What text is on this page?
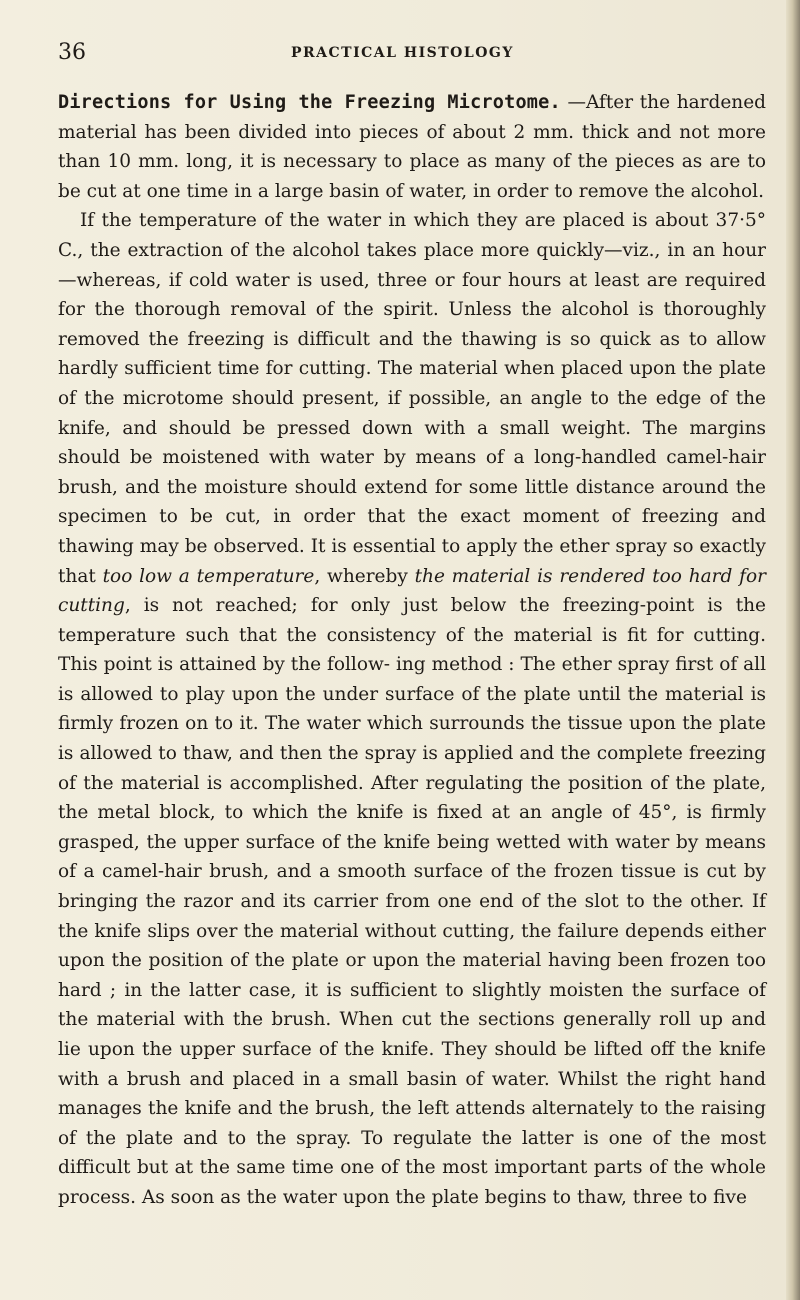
36	PRACTICAL HISTOLOGY

Directions for Using the Freezing Microtome. —After the hardened material has been divided into pieces of about 2 mm. thick and not more than 10 mm. long, it is necessary to place as many of the pieces as are to be cut at one time in a large basin of water, in order to remove the alcohol.

If the temperature of the water in which they are placed is about 37·5° C., the extraction of the alcohol takes place more quickly—viz., in an hour—whereas, if cold water is used, three or four hours at least are required for the thorough removal of the spirit. Unless the alcohol is thoroughly removed the freezing is difficult and the thawing is so quick as to allow hardly sufficient time for cutting. The material when placed upon the plate of the microtome should present, if possible, an angle to the edge of the knife, and should be pressed down with a small weight. The margins should be moistened with water by means of a long-handled camel-hair brush, and the moisture should extend for some little distance around the specimen to be cut, in order that the exact moment of freezing and thawing may be observed. It is essential to apply the ether spray so exactly that too low a temperature, whereby the material is rendered too hard for cutting, is not reached; for only just below the freezing-point is the temperature such that the consistency of the material is fit for cutting. This point is attained by the follow- ing method : The ether spray first of all is allowed to play upon the under surface of the plate until the material is firmly frozen on to it. The water which surrounds the tissue upon the plate is allowed to thaw, and then the spray is applied and the complete freezing of the material is accomplished. After regulating the position of the plate, the metal block, to which the knife is fixed at an angle of 45°, is firmly grasped, the upper surface of the knife being wetted with water by means of a camel-hair brush, and a smooth surface of the frozen tissue is cut by bringing the razor and its carrier from one end of the slot to the other. If the knife slips over the material without cutting, the failure depends either upon the position of the plate or upon the material having been frozen too hard ; in the latter case, it is sufficient to slightly moisten the surface of the material with the brush. When cut the sections generally roll up and lie upon the upper surface of the knife. They should be lifted off the knife with a brush and placed in a small basin of water. Whilst the right hand manages the knife and the brush, the left attends alternately to the raising of the plate and to the spray. To regulate the latter is one of the most difficult but at the same time one of the most important parts of the whole process. As soon as the water upon the plate begins to thaw, three to five
